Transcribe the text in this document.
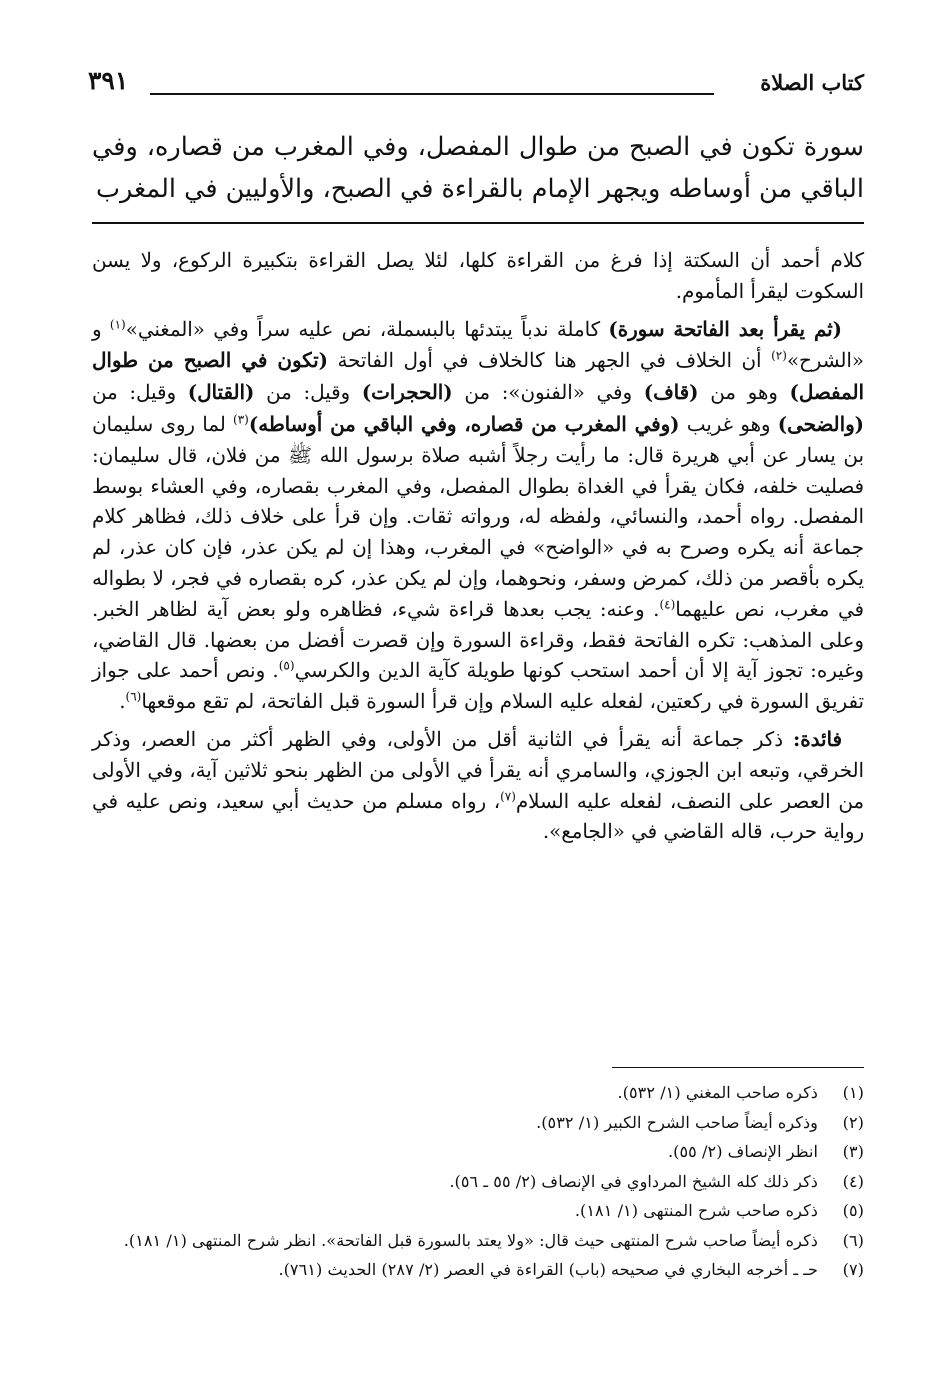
كتاب الصلاة
٣٩١
سورة تكون في الصبح من طوال المفصل، وفي المغرب من قصاره، وفي الباقي من أوساطه ويجهر الإمام بالقراءة في الصبح، والأوليين في المغرب

كلام أحمد أن السكتة إذا فرغ من القراءة كلها، لئلا يصل القراءة بتكبيرة الركوع، ولا يسن السكوت ليقرأ المأموم.

(ثم يقرأ بعد الفاتحة سورة) كاملة ندباً يبتدئها بالبسملة، نص عليه سراً وفي «المغني»$^{(١)}$ و «الشرح»$^{(٢)}$ أن الخلاف في الجهر هنا كالخلاف في أول الفاتحة (تكون في الصبح من طوال المفصل) وهو من (قاف) وفي «الفنون»: من (الحجرات) وقيل: من (القتال) وقيل: من (والضحى) وهو غريب (وفي المغرب من قصاره، وفي الباقي من أوساطه)$^{(٣)}$ لما روى سليمان بن يسار عن أبي هريرة قال: ما رأيت رجلاً أشبه صلاة برسول الله ﷺ من فلان، قال سليمان: فصليت خلفه، فكان يقرأ في الغداة بطوال المفصل، وفي المغرب بقصاره، وفي العشاء بوسط المفصل. رواه أحمد، والنسائي، ولفظه له، ورواته ثقات. وإن قرأ على خلاف ذلك، فظاهر كلام جماعة أنه يكره وصرح به في «الواضح» في المغرب، وهذا إن لم يكن عذر، فإن كان عذر، لم يكره بأقصر من ذلك، كمرض وسفر، ونحوهما، وإن لم يكن عذر، كره بقصاره في فجر، لا بطواله في مغرب، نص عليهما$^{(٤)}$. وعنه: يجب بعدها قراءة شيء، فظاهره ولو بعض آية لظاهر الخبر. وعلى المذهب: تكره الفاتحة فقط، وقراءة السورة وإن قصرت أفضل من بعضها. قال القاضي، وغيره: تجوز آية إلا أن أحمد استحب كونها طويلة كآية الدين والكرسي$^{(٥)}$. ونص أحمد على جواز تفريق السورة في ركعتين، لفعله عليه السلام وإن قرأ السورة قبل الفاتحة، لم تقع موقعها$^{(٦)}$.

فائدة: ذكر جماعة أنه يقرأ في الثانية أقل من الأولى، وفي الظهر أكثر من العصر، وذكر الخرقي، وتبعه ابن الجوزي، والسامري أنه يقرأ في الأولى من الظهر بنحو ثلاثين آية، وفي الأولى من العصر على النصف، لفعله عليه السلام$^{(٧)}$، رواه مسلم من حديث أبي سعيد، ونص عليه في رواية حرب، قاله القاضي في «الجامع».

(١)
ذكره صاحب المغني (١/ ٥٣٢).
(٢)
وذكره أيضاً صاحب الشرح الكبير (١/ ٥٣٢).
(٣)
انظر الإنصاف (٢/ ٥٥).
(٤)
ذكر ذلك كله الشيخ المرداوي في الإنصاف (٢/ ٥٥ ـ ٥٦).
(٥)
ذكره صاحب شرح المنتهى (١/ ١٨١).
(٦)
ذكره أيضاً صاحب شرح المنتهى حيث قال: «ولا يعتد بالسورة قبل الفاتحة». انظر شرح المنتهى (١/ ١٨١).
(٧)
حـ ـ أخرجه البخاري في صحيحه (باب) القراءة في العصر (٢/ ٢٨٧) الحديث (٧٦١).
